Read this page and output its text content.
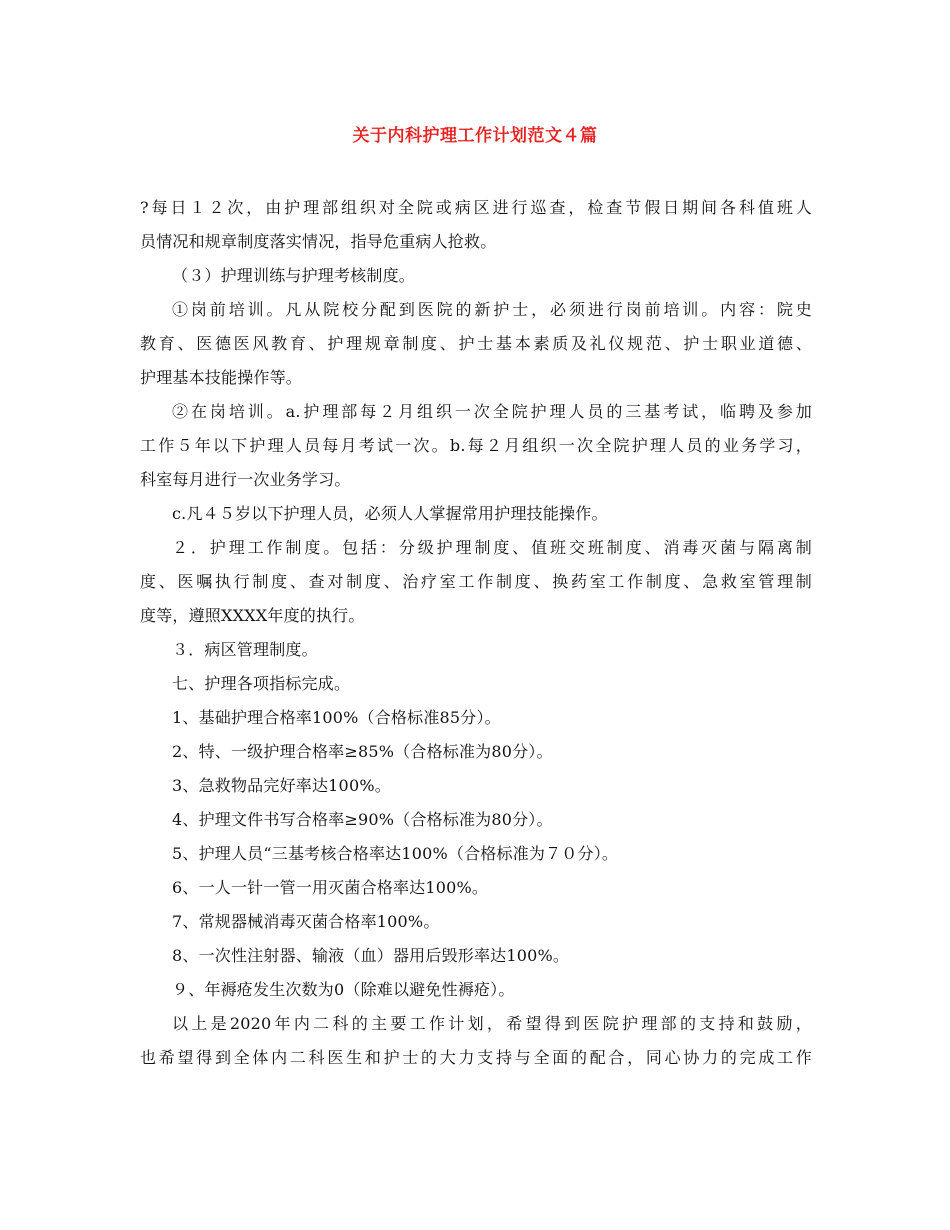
关于内科护理工作计划范文４篇
?每日１２次，由护理部组织对全院或病区进行巡查，检查节假日期间各科值班人
员情况和规章制度落实情况，指导危重病人抢救。
（３）护理训练与护理考核制度。
①岗前培训。凡从院校分配到医院的新护士，必须进行岗前培训。内容：院史
教育、医德医风教育、护理规章制度、护士基本素质及礼仪规范、护士职业道德、
护理基本技能操作等。
②在岗培训。a.护理部每２月组织一次全院护理人员的三基考试，临聘及参加
工作５年以下护理人员每月考试一次。b.每２月组织一次全院护理人员的业务学习，
科室每月进行一次业务学习。
c.凡４５岁以下护理人员，必须人人掌握常用护理技能操作。
２．护理工作制度。包括：分级护理制度、值班交班制度、消毒灭菌与隔离制
度、医嘱执行制度、查对制度、治疗室工作制度、换药室工作制度、急救室管理制
度等，遵照XXXX年度的执行。
３．病区管理制度。
七、护理各项指标完成。
1、基础护理合格率100%（合格标准85分）。
2、特、一级护理合格率≥85%（合格标准为80分）。
3、急救物品完好率达100%。
4、护理文件书写合格率≥90%（合格标准为80分）。
5、护理人员“三基考核合格率达100%（合格标准为７０分）。
6、一人一针一管一用灭菌合格率达100%。
7、常规器械消毒灭菌合格率100%。
8、一次性注射器、输液（血）器用后毁形率达100%。
９、年褥疮发生次数为0（除难以避免性褥疮）。
以上是2020年内二科的主要工作计划，希望得到医院护理部的支持和鼓励，
也希望得到全体内二科医生和护士的大力支持与全面的配合，同心协力的完成工作
